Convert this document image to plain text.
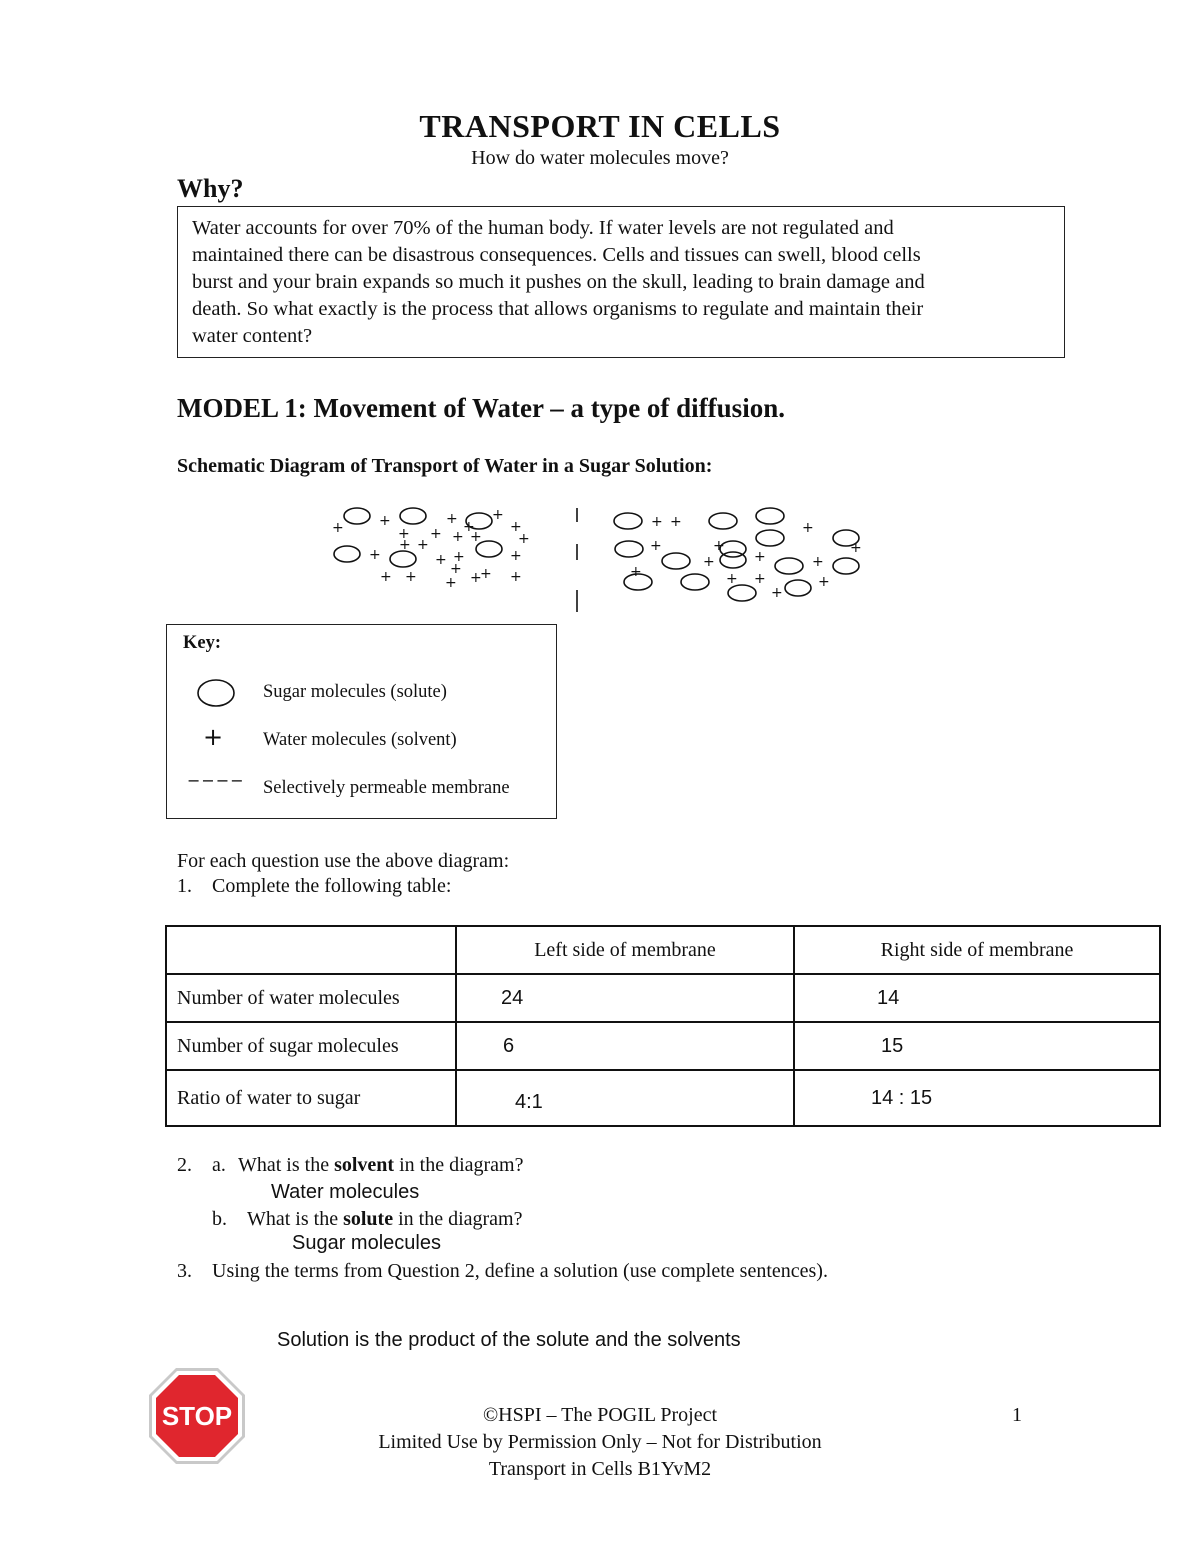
TRANSPORT IN CELLS
How do water molecules move?
Why?
Water accounts for over 70% of the human body. If water levels are not regulated and
maintained there can be disastrous consequences. Cells and tissues can swell, blood cells
burst and your brain expands so much it pushes on the skull, leading to brain damage and
death. So what exactly is the process that allows organisms to regulate and maintain their
water content?
MODEL 1: Movement of Water – a type of diffusion.
Schematic Diagram of Transport of Water in a Sugar Solution:
+	+	+ +
+
+
+ + + +	+
+ +
+	+ +	+
+
+ + + +
+ +
+ +	+
+	+	+
+	+	+
+	+ +
+
+
Key:
Sugar molecules (solute)
+ Water molecules (solvent)
−−−− Selectively permeable membrane
For each question use the above diagram:
1. Complete the following table:
	Left side of membrane	Right side of membrane
Number of water molecules	24	14
Number of sugar molecules	6	15
Ratio of water to sugar	4:1	14 : 15
2. a. What is the solvent in the diagram?
Water molecules
b. What is the solute in the diagram?
Sugar molecules
3. Using the terms from Question 2, define a solution (use complete sentences).
Solution is the product of the solute and the solvents
STOP	©HSPI – The POGIL Project
Limited Use by Permission Only – Not for Distribution
Transport in Cells B1YvM2
1
